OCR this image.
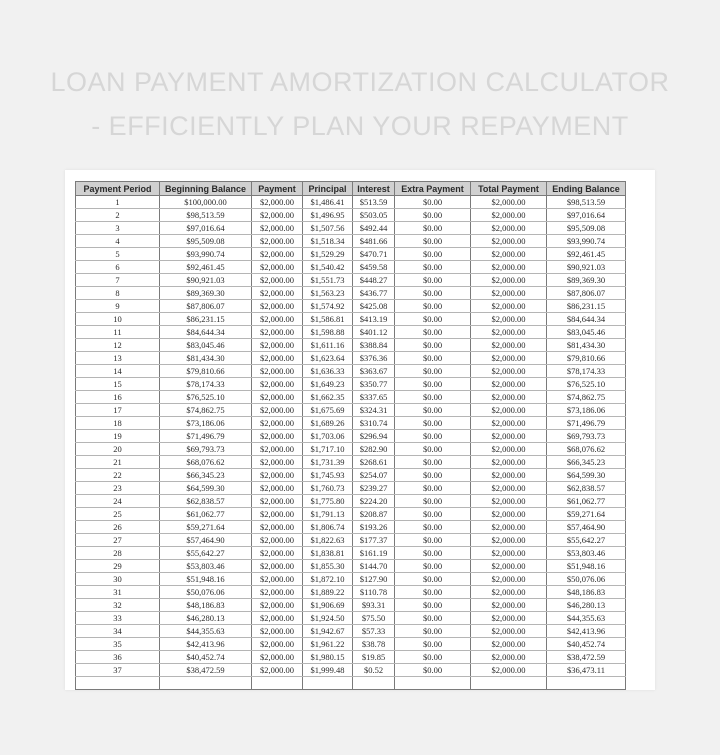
LOAN PAYMENT AMORTIZATION CALCULATOR
- EFFICIENTLY PLAN YOUR REPAYMENT
Payment Period	Beginning Balance	Payment	Principal	Interest	Extra Payment	Total Payment	Ending Balance
1	$100,000.00	$2,000.00	$1,486.41	$513.59	$0.00	$2,000.00	$98,513.59
2	$98,513.59	$2,000.00	$1,496.95	$503.05	$0.00	$2,000.00	$97,016.64
3	$97,016.64	$2,000.00	$1,507.56	$492.44	$0.00	$2,000.00	$95,509.08
4	$95,509.08	$2,000.00	$1,518.34	$481.66	$0.00	$2,000.00	$93,990.74
5	$93,990.74	$2,000.00	$1,529.29	$470.71	$0.00	$2,000.00	$92,461.45
6	$92,461.45	$2,000.00	$1,540.42	$459.58	$0.00	$2,000.00	$90,921.03
7	$90,921.03	$2,000.00	$1,551.73	$448.27	$0.00	$2,000.00	$89,369.30
8	$89,369.30	$2,000.00	$1,563.23	$436.77	$0.00	$2,000.00	$87,806.07
9	$87,806.07	$2,000.00	$1,574.92	$425.08	$0.00	$2,000.00	$86,231.15
10	$86,231.15	$2,000.00	$1,586.81	$413.19	$0.00	$2,000.00	$84,644.34
11	$84,644.34	$2,000.00	$1,598.88	$401.12	$0.00	$2,000.00	$83,045.46
12	$83,045.46	$2,000.00	$1,611.16	$388.84	$0.00	$2,000.00	$81,434.30
13	$81,434.30	$2,000.00	$1,623.64	$376.36	$0.00	$2,000.00	$79,810.66
14	$79,810.66	$2,000.00	$1,636.33	$363.67	$0.00	$2,000.00	$78,174.33
15	$78,174.33	$2,000.00	$1,649.23	$350.77	$0.00	$2,000.00	$76,525.10
16	$76,525.10	$2,000.00	$1,662.35	$337.65	$0.00	$2,000.00	$74,862.75
17	$74,862.75	$2,000.00	$1,675.69	$324.31	$0.00	$2,000.00	$73,186.06
18	$73,186.06	$2,000.00	$1,689.26	$310.74	$0.00	$2,000.00	$71,496.79
19	$71,496.79	$2,000.00	$1,703.06	$296.94	$0.00	$2,000.00	$69,793.73
20	$69,793.73	$2,000.00	$1,717.10	$282.90	$0.00	$2,000.00	$68,076.62
21	$68,076.62	$2,000.00	$1,731.39	$268.61	$0.00	$2,000.00	$66,345.23
22	$66,345.23	$2,000.00	$1,745.93	$254.07	$0.00	$2,000.00	$64,599.30
23	$64,599.30	$2,000.00	$1,760.73	$239.27	$0.00	$2,000.00	$62,838.57
24	$62,838.57	$2,000.00	$1,775.80	$224.20	$0.00	$2,000.00	$61,062.77
25	$61,062.77	$2,000.00	$1,791.13	$208.87	$0.00	$2,000.00	$59,271.64
26	$59,271.64	$2,000.00	$1,806.74	$193.26	$0.00	$2,000.00	$57,464.90
27	$57,464.90	$2,000.00	$1,822.63	$177.37	$0.00	$2,000.00	$55,642.27
28	$55,642.27	$2,000.00	$1,838.81	$161.19	$0.00	$2,000.00	$53,803.46
29	$53,803.46	$2,000.00	$1,855.30	$144.70	$0.00	$2,000.00	$51,948.16
30	$51,948.16	$2,000.00	$1,872.10	$127.90	$0.00	$2,000.00	$50,076.06
31	$50,076.06	$2,000.00	$1,889.22	$110.78	$0.00	$2,000.00	$48,186.83
32	$48,186.83	$2,000.00	$1,906.69	$93.31	$0.00	$2,000.00	$46,280.13
33	$46,280.13	$2,000.00	$1,924.50	$75.50	$0.00	$2,000.00	$44,355.63
34	$44,355.63	$2,000.00	$1,942.67	$57.33	$0.00	$2,000.00	$42,413.96
35	$42,413.96	$2,000.00	$1,961.22	$38.78	$0.00	$2,000.00	$40,452.74
36	$40,452.74	$2,000.00	$1,980.15	$19.85	$0.00	$2,000.00	$38,472.59
37	$38,472.59	$2,000.00	$1,999.48	$0.52	$0.00	$2,000.00	$36,473.11
